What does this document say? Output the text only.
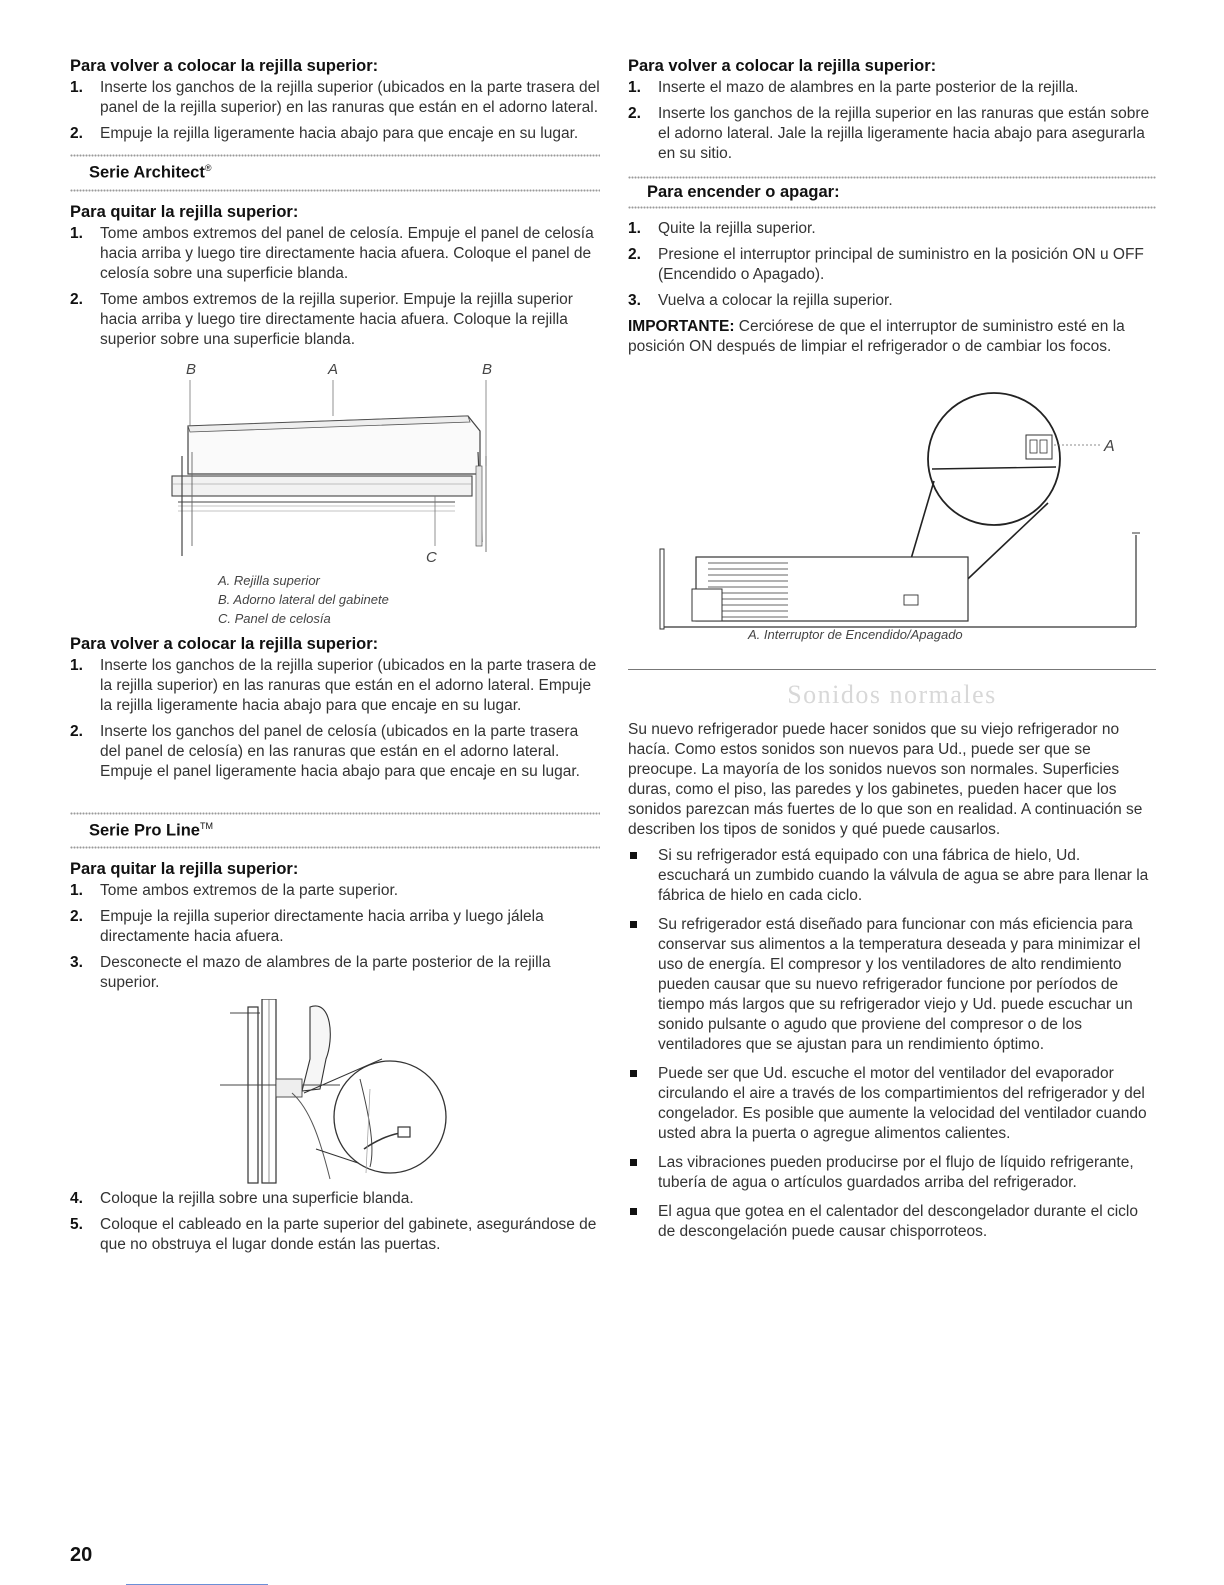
Para volver a colocar la rejilla superior:
1. Inserte los ganchos de la rejilla superior (ubicados en la parte trasera del panel de la rejilla superior) en las ranuras que están en el adorno lateral.
2. Empuje la rejilla ligeramente hacia abajo para que encaje en su lugar.
Serie Architect®
Para quitar la rejilla superior:
1. Tome ambos extremos del panel de celosía. Empuje el panel de celosía hacia arriba y luego tire directamente hacia afuera. Coloque el panel de celosía sobre una superficie blanda.
2. Tome ambos extremos de la rejilla superior. Empuje la rejilla superior hacia arriba y luego tire directamente hacia afuera. Coloque la rejilla superior sobre una superficie blanda.
B	A	B
C
A. Rejilla superior
B. Adorno lateral del gabinete
C. Panel de celosía
Para volver a colocar la rejilla superior:
1. Inserte los ganchos de la rejilla superior (ubicados en la parte trasera de la rejilla superior) en las ranuras que están en el adorno lateral. Empuje la rejilla ligeramente hacia abajo para que encaje en su lugar.
2. Inserte los ganchos del panel de celosía (ubicados en la parte trasera del panel de celosía) en las ranuras que están en el adorno lateral. Empuje el panel ligeramente hacia abajo para que encaje en su lugar.
Serie Pro Line™
Para quitar la rejilla superior:
1. Tome ambos extremos de la parte superior.
2. Empuje la rejilla superior directamente hacia arriba y luego jálela directamente hacia afuera.
3. Desconecte el mazo de alambres de la parte posterior de la rejilla superior.
4. Coloque la rejilla sobre una superficie blanda.
5. Coloque el cableado en la parte superior del gabinete, asegurándose de que no obstruya el lugar donde están las puertas.
Para volver a colocar la rejilla superior:
1. Inserte el mazo de alambres en la parte posterior de la rejilla.
2. Inserte los ganchos de la rejilla superior en las ranuras que están sobre el adorno lateral. Jale la rejilla ligeramente hacia abajo para asegurarla en su sitio.
Para encender o apagar:
1. Quite la rejilla superior.
2. Presione el interruptor principal de suministro en la posición ON u OFF (Encendido o Apagado).
3. Vuelva a colocar la rejilla superior.

IMPORTANTE: Cerciórese de que el interruptor de suministro esté en la posición ON después de limpiar el refrigerador o de cambiar los focos.

A
A. Interruptor de Encendido/Apagado
Sonidos normales

Su nuevo refrigerador puede hacer sonidos que su viejo refrigerador no hacía. Como estos sonidos son nuevos para Ud., puede ser que se preocupe. La mayoría de los sonidos nuevos son normales. Superficies duras, como el piso, las paredes y los gabinetes, pueden hacer que los sonidos parezcan más fuertes de lo que son en realidad. A continuación se describen los tipos de sonidos y qué puede causarlos.

Si su refrigerador está equipado con una fábrica de hielo, Ud. escuchará un zumbido cuando la válvula de agua se abre para llenar la fábrica de hielo en cada ciclo.
Su refrigerador está diseñado para funcionar con más eficiencia para conservar sus alimentos a la temperatura deseada y para minimizar el uso de energía. El compresor y los ventiladores de alto rendimiento pueden causar que su nuevo refrigerador funcione por períodos de tiempo más largos que su refrigerador viejo y Ud. puede escuchar un sonido pulsante o agudo que proviene del compresor o de los ventiladores que se ajustan para un rendimiento óptimo.
Puede ser que Ud. escuche el motor del ventilador del evaporador circulando el aire a través de los compartimientos del refrigerador y del congelador. Es posible que aumente la velocidad del ventilador cuando usted abra la puerta o agregue alimentos calientes.
Las vibraciones pueden producirse por el flujo de líquido refrigerante, tubería de agua o artículos guardados arriba del refrigerador.
El agua que gotea en el calentador del descongelador durante el ciclo de descongelación puede causar chisporroteos.
20
